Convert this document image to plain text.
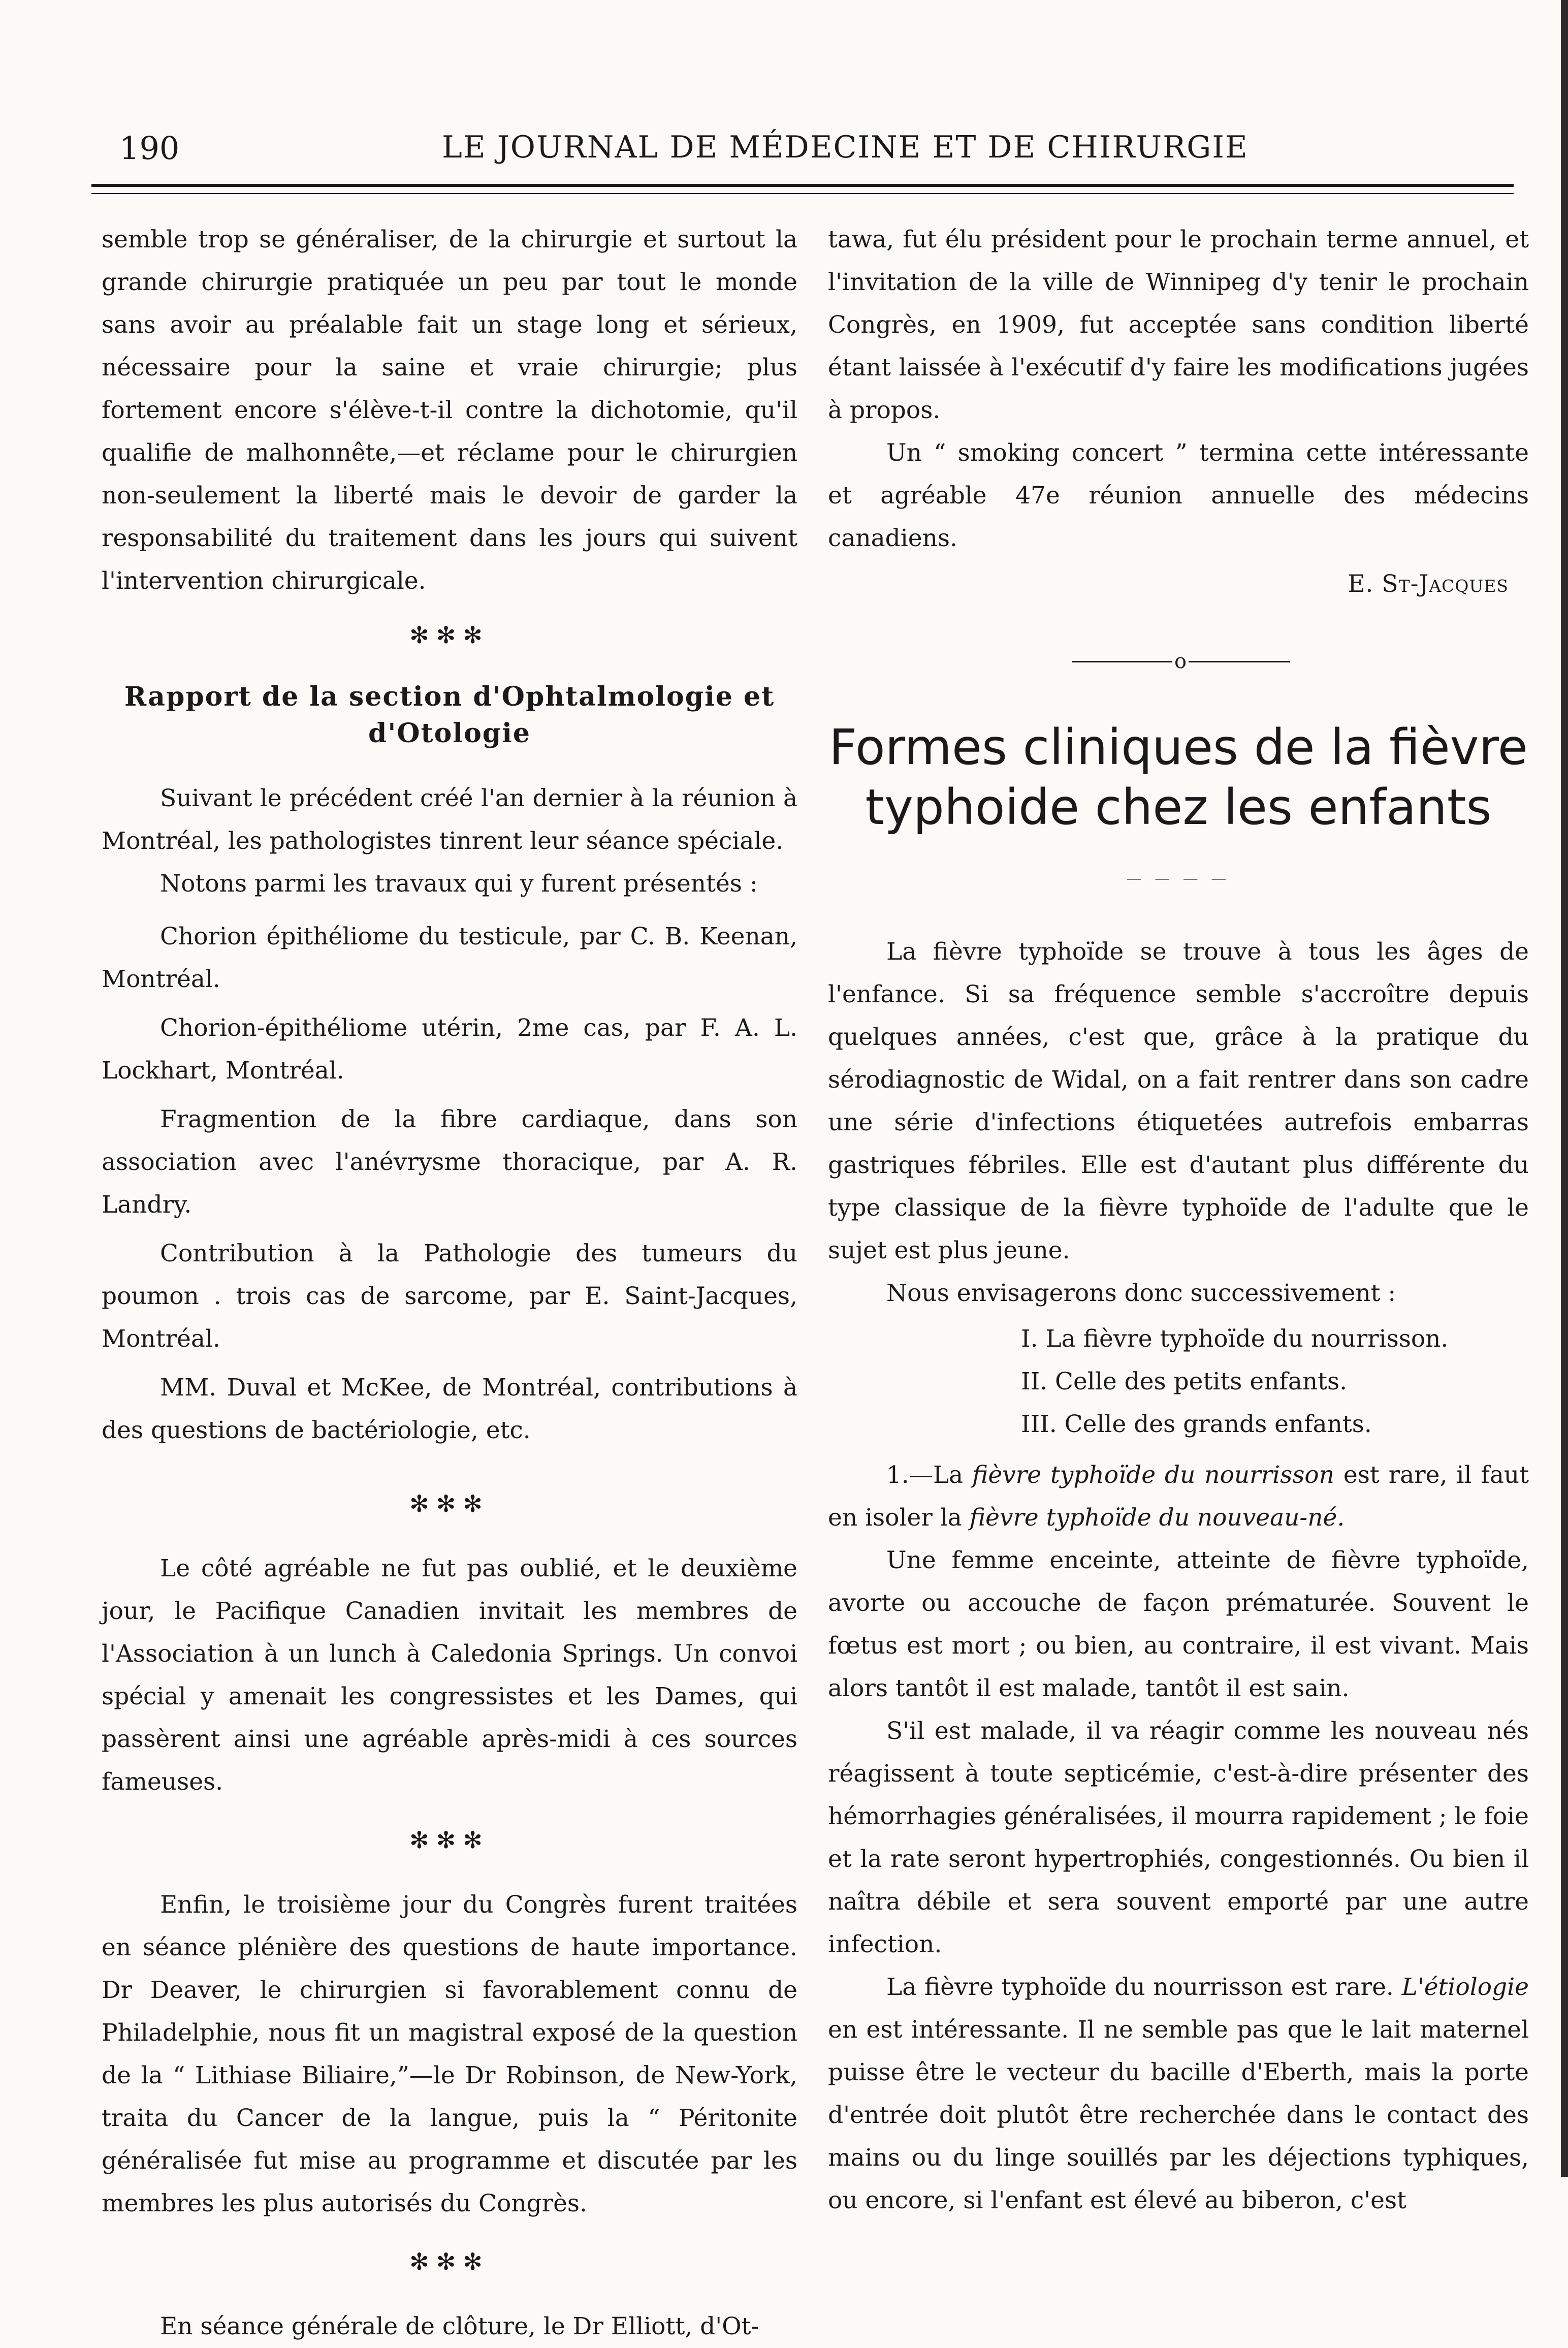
190	LE JOURNAL DE MÉDECINE ET DE CHIRURGIE

semble trop se généraliser, de la chirurgie et surtout la grande chirurgie pratiquée un peu par tout le monde sans avoir au préalable fait un stage long et sérieux, nécessaire pour la saine et vraie chirurgie; plus fortement encore s'élève-t-il contre la dichotomie, qu'il qualifie de malhonnête,—et réclame pour le chirurgien non-seulement la liberté mais le devoir de garder la responsabilité du traitement dans les jours qui suivent l'intervention chirurgicale.

✻✻✻
Rapport de la section d'Ophtalmologie et
d'Otologie

Suivant le précédent créé l'an dernier à la réunion à Montréal, les pathologistes tinrent leur séance spéciale.

Notons parmi les travaux qui y furent présentés :

Chorion épithéliome du testicule, par C. B. Keenan, Montréal.

Chorion-épithéliome utérin, 2me cas, par F. A. L. Lockhart, Montréal.

Fragmention de la fibre cardiaque, dans son association avec l'anévrysme thoracique, par A. R. Landry.

Contribution à la Pathologie des tumeurs du poumon . trois cas de sarcome, par E. Saint-Jacques, Montréal.

MM. Duval et McKee, de Montréal, contributions à des questions de bactériologie, etc.

✻✻✻

Le côté agréable ne fut pas oublié, et le deuxième jour, le Pacifique Canadien invitait les membres de l'Association à un lunch à Caledonia Springs. Un convoi spécial y amenait les congressistes et les Dames, qui passèrent ainsi une agréable après-midi à ces sources fameuses.

✻✻✻

Enfin, le troisième jour du Congrès furent traitées en séance plénière des questions de haute importance. Dr Deaver, le chirurgien si favorablement connu de Philadelphie, nous fit un magistral exposé de la question de la “ Lithiase Biliaire,”—le Dr Robinson, de New-York, traita du Cancer de la langue, puis la “ Péritonite généralisée fut mise au programme et discutée par les membres les plus autorisés du Congrès.

✻✻✻

En séance générale de clôture, le Dr Elliott, d'Ot-

tawa, fut élu président pour le prochain terme annuel, et l'invitation de la ville de Winnipeg d'y tenir le prochain Congrès, en 1909, fut acceptée sans condition liberté étant laissée à l'exécutif d'y faire les modifications jugées à propos.

Un “ smoking concert ” termina cette intéressante et agréable 47e réunion annuelle des médecins canadiens.

E. St-Jacques
o
Formes cliniques de la fièvre typhoide chez les enfants
— — — —

La fièvre typhoïde se trouve à tous les âges de l'enfance. Si sa fréquence semble s'accroître depuis quelques années, c'est que, grâce à la pratique du sérodiagnostic de Widal, on a fait rentrer dans son cadre une série d'infections étiquetées autrefois embarras gastriques fébriles. Elle est d'autant plus différente du type classique de la fièvre typhoïde de l'adulte que le sujet est plus jeune.

Nous envisagerons donc successivement :

I. La fièvre typhoïde du nourrisson.
II. Celle des petits enfants.
III. Celle des grands enfants.

1.—La fièvre typhoïde du nourrisson est rare, il faut en isoler la fièvre typhoïde du nouveau-né.

Une femme enceinte, atteinte de fièvre typhoïde, avorte ou accouche de façon prématurée. Souvent le fœtus est mort ; ou bien, au contraire, il est vivant. Mais alors tantôt il est malade, tantôt il est sain.

S'il est malade, il va réagir comme les nouveau nés réagissent à toute septicémie, c'est-à-dire présenter des hémorrhagies généralisées, il mourra rapidement ; le foie et la rate seront hypertrophiés, congestionnés. Ou bien il naîtra débile et sera souvent emporté par une autre infection.

La fièvre typhoïde du nourrisson est rare. L'étiologie en est intéressante. Il ne semble pas que le lait maternel puisse être le vecteur du bacille d'Eberth, mais la porte d'entrée doit plutôt être recherchée dans le contact des mains ou du linge souillés par les déjections typhiques, ou encore, si l'enfant est élevé au biberon, c'est
